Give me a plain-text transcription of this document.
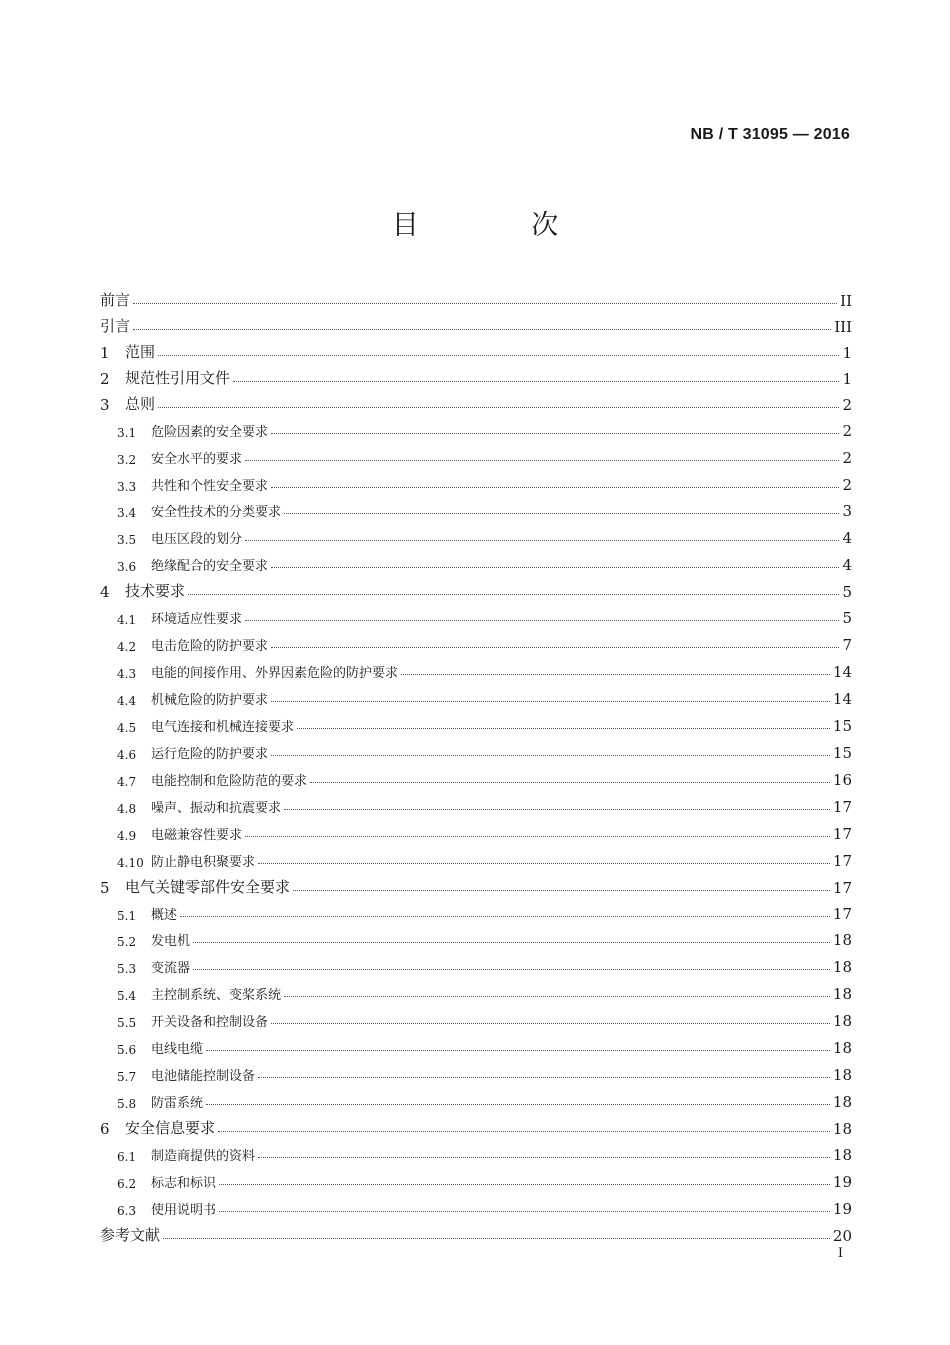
NB / T 31095 — 2016
目 次
前言	II
引言	III
1	范围	1
2	规范性引用文件	1
3	总则	2
3.1	危险因素的安全要求	2
3.2	安全水平的要求	2
3.3	共性和个性安全要求	2
3.4	安全性技术的分类要求	3
3.5	电压区段的划分	4
3.6	绝缘配合的安全要求	4
4	技术要求	5
4.1	环境适应性要求	5
4.2	电击危险的防护要求	7
4.3	电能的间接作用、外界因素危险的防护要求	14
4.4	机械危险的防护要求	14
4.5	电气连接和机械连接要求	15
4.6	运行危险的防护要求	15
4.7	电能控制和危险防范的要求	16
4.8	噪声、振动和抗震要求	17
4.9	电磁兼容性要求	17
4.10 防止静电积聚要求	17
5	电气关键零部件安全要求	17
5.1	概述	17
5.2	发电机	18
5.3	变流器	18
5.4	主控制系统、变桨系统	18
5.5	开关设备和控制设备	18
5.6	电线电缆	18
5.7	电池储能控制设备	18
5.8	防雷系统	18
6	安全信息要求	18
6.1	制造商提供的资料	18
6.2	标志和标识	19
6.3	使用说明书	19
参考文献	20
I
